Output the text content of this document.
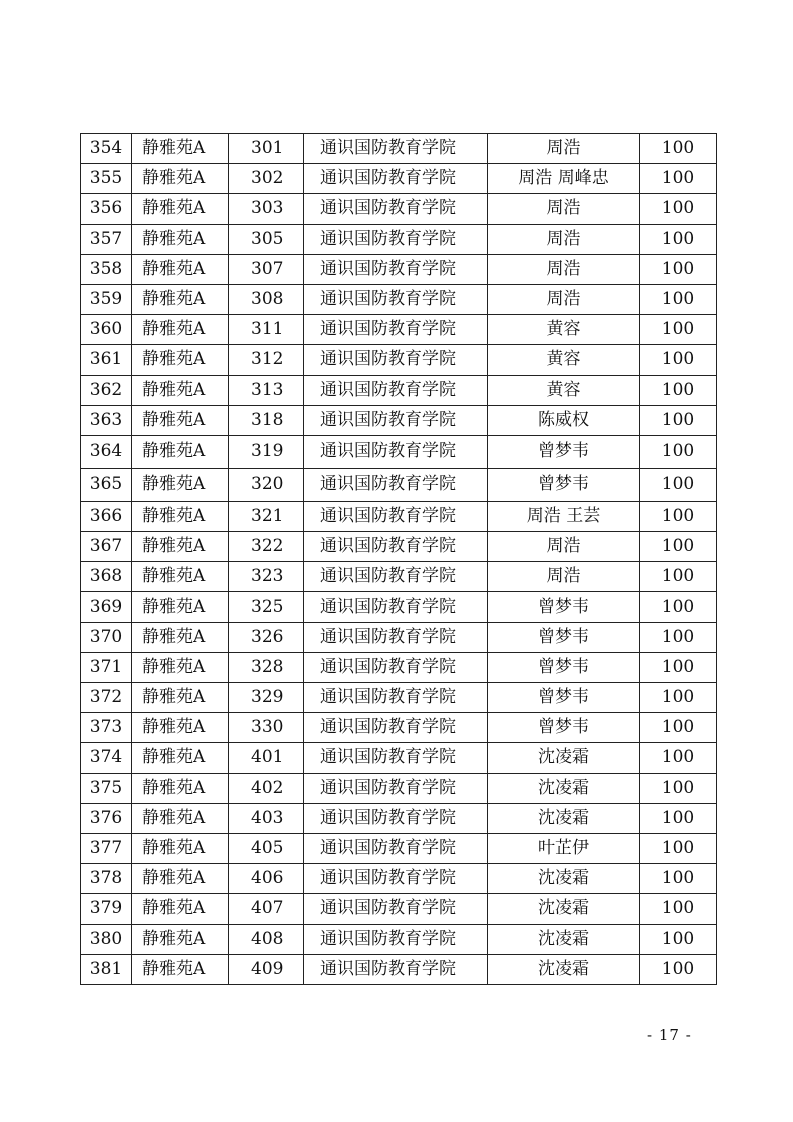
354	静雅苑A	301	通识国防教育学院	周浩	100
355	静雅苑A	302	通识国防教育学院	周浩 周峰忠	100
356	静雅苑A	303	通识国防教育学院	周浩	100
357	静雅苑A	305	通识国防教育学院	周浩	100
358	静雅苑A	307	通识国防教育学院	周浩	100
359	静雅苑A	308	通识国防教育学院	周浩	100
360	静雅苑A	311	通识国防教育学院	黄容	100
361	静雅苑A	312	通识国防教育学院	黄容	100
362	静雅苑A	313	通识国防教育学院	黄容	100
363	静雅苑A	318	通识国防教育学院	陈威权	100
364	静雅苑A	319	通识国防教育学院	曾梦韦	100
365	静雅苑A	320	通识国防教育学院	曾梦韦	100
366	静雅苑A	321	通识国防教育学院	周浩 王芸	100
367	静雅苑A	322	通识国防教育学院	周浩	100
368	静雅苑A	323	通识国防教育学院	周浩	100
369	静雅苑A	325	通识国防教育学院	曾梦韦	100
370	静雅苑A	326	通识国防教育学院	曾梦韦	100
371	静雅苑A	328	通识国防教育学院	曾梦韦	100
372	静雅苑A	329	通识国防教育学院	曾梦韦	100
373	静雅苑A	330	通识国防教育学院	曾梦韦	100
374	静雅苑A	401	通识国防教育学院	沈凌霜	100
375	静雅苑A	402	通识国防教育学院	沈凌霜	100
376	静雅苑A	403	通识国防教育学院	沈凌霜	100
377	静雅苑A	405	通识国防教育学院	叶芷伊	100
378	静雅苑A	406	通识国防教育学院	沈凌霜	100
379	静雅苑A	407	通识国防教育学院	沈凌霜	100
380	静雅苑A	408	通识国防教育学院	沈凌霜	100
381	静雅苑A	409	通识国防教育学院	沈凌霜	100
- 17 -
